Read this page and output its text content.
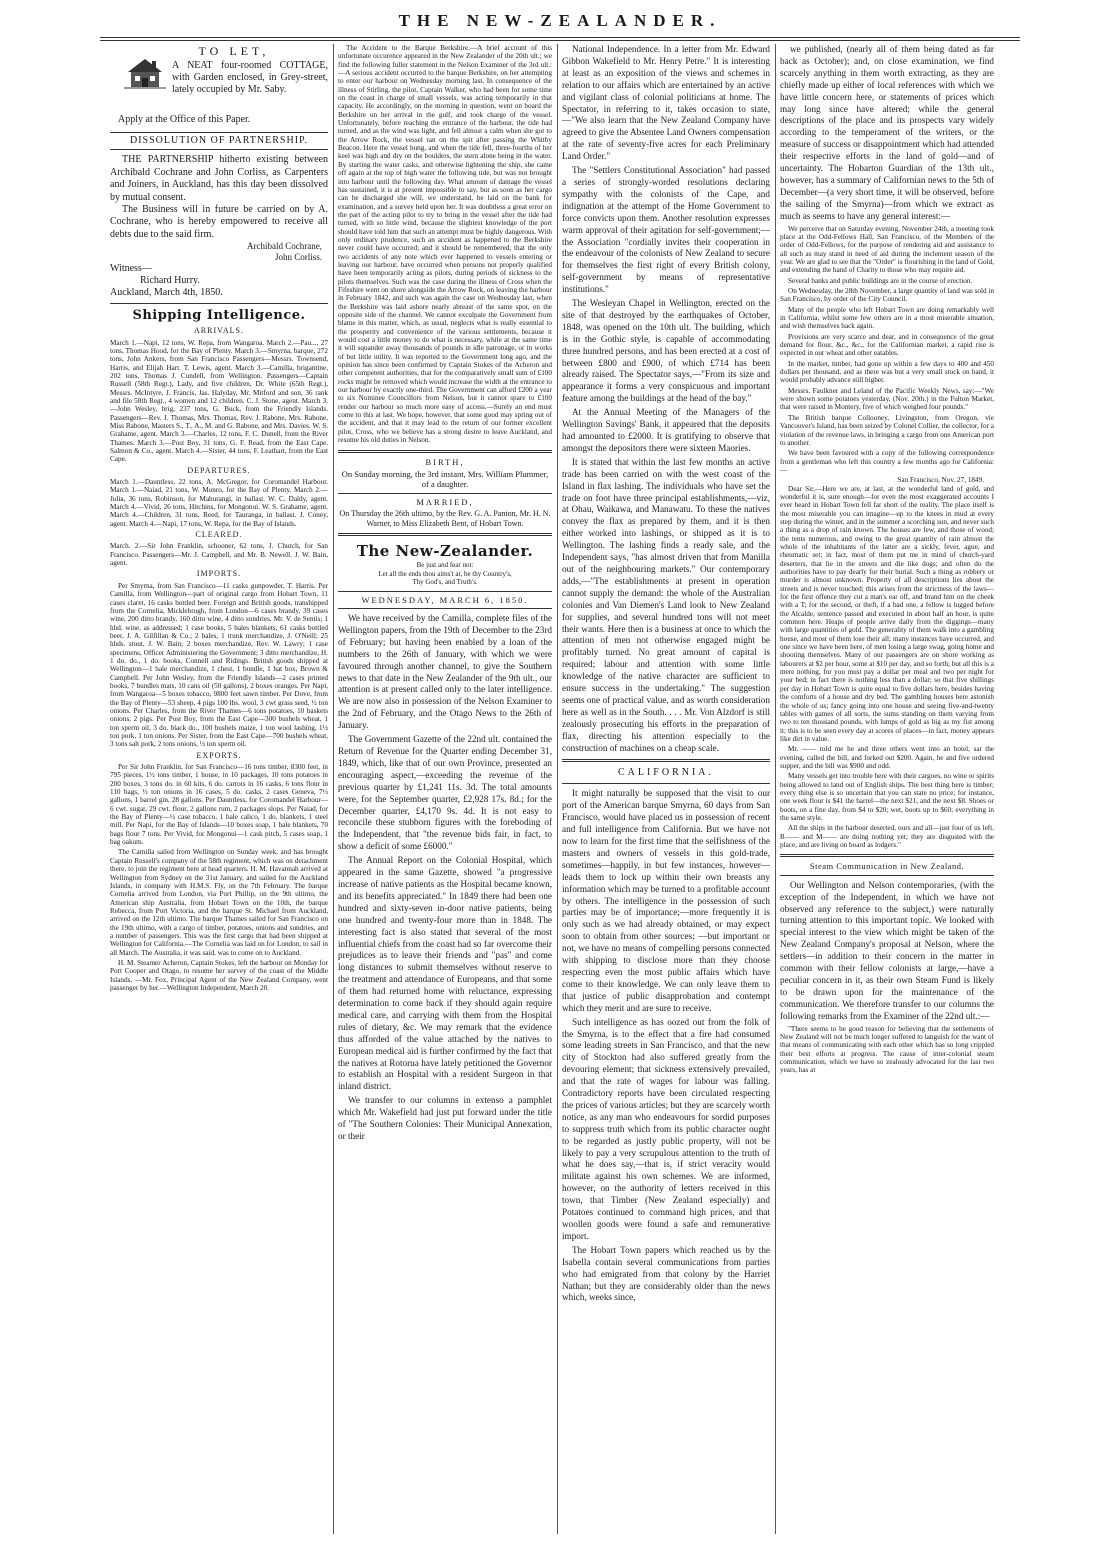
THE NEW-ZEALANDER.
TO LET,
A NEAT four-roomed COTTAGE, with Garden enclosed, in Grey-street, lately occupied by Mr. Saby.
Apply at the Office of this Paper.
DISSOLUTION OF PARTNERSHIP.

THE PARTNERSHIP hitherto existing between Archibald Cochrane and John Corliss, as Carpenters and Joiners, in Auckland, has this day been dissolved by mutual consent.

The Business will in future be carried on by A. Cochrane, who is hereby empowered to receive all debts due to the said firm.

Archibald Cochrane,
John Corliss.
Witness—
Richard Hurry.
Auckland, March 4th, 1850.
Shipping Intelligence.
ARRIVALS.

March 1.—Napi, 12 tons, W. Repa, from Wangaroa. March 2.—Pau..., 27 tons, Thomas Hood, for the Bay of Plenty. March 3.—Smyrna, barque, 272 tons, John Ankers, from San Francisco Passengers—Messrs. Townsend, Harris, and Elijah Hart. T. Lewis, agent. March 3.—Camilla, brigantine, 202 tons, Thomas J. Cundell, from Wellington. Passengers—Captain Russell (58th Regt.), Lady, and five children, Dr. White (65th Regt.), Messrs. McIntyre, J. Francis, Jas. Halyday, Mr. Mitford and son, 36 rank and file 58th Regt., 4 women and 12 children. C. J. Stone, agent. March 3.—John Wesley, brig, 237 tons, G. Buck, from the Friendly Islands. Passengers—Rev. J. Thomas, Mrs. Thomas, Rev. J. Rabone, Mrs. Rabone, Miss Rabone, Masters S., T., A., M. and G. Rabone, and Mrs. Davies. W. S. Grahame, agent. March 3.—Charles, 12 tons, F. C. Dunell, from the River Thames. March 3.—Post Boy, 31 tons, G. F. Read, from the East Cape. Salmon & Co., agent. March 4.—Sister, 44 tons, F. Leathart, from the East Cape.

DEPARTURES.

March 1.—Dauntless, 22 tons, A. McGregor, for Coromandel Harbour. March 1.—Naiad, 21 tons, W. Monro, for the Bay of Plenty. March 2.—Julia, 36 tons, Robinson, for Mahurangi, in ballast. W. C. Daldy, agent. March 4.—Vivid, 26 tons, Hitchins, for Mongonui. W. S. Grahame, agent. March 4.—Children, 31 tons, Reed, for Tauranga, in ballast. J. Coney, agent. March 4.—Napi, 17 tons, W. Repa, for the Bay of Islands.

CLEARED.

March. 2.—Sir John Franklin, schooner, 62 tons, J. Church, for San Francisco. Passengers—Mr. J. Campbell, and Mr. B. Newell. J. W. Bain, agent.

IMPORTS.

Per Smyrna, from San Francisco—11 casks gunpowder, T. Harris. Per Camilla, from Wellington—part of original cargo from Hobart Town, 11 cases claret, 16 casks bottled beer. Foreign and British goods, transhipped from the Cornelia, Micklebrugh, from London—6 cases brandy, 39 cases wine, 200 ditto brandy, 160 ditto wine, 4 ditto sundries, Mr. V. de Sentis; 1 hhd. wine, as addressed; 1 case books, 5 bales blankets, 61 casks bottled beer, J. A. Gilfillan & Co.; 2 bales, 1 trunk merchandize, J. O'Neill; 25 hhds. stout, J. W. Bain; 2 boxes merchandize, Rev. W. Lawry; 1 case specimens, Officer Administering the Government; 3 ditto merchandize, H. 1 do. do., 1 do. books, Connell and Ridings. British goods shipped at Wellington—1 bale merchandize, 1 chest, 1 bundle, 1 hat box, Brown & Campbell. Per John Wesley, from the Friendly Islands—2 cases printed books, 7 bundles mats, 10 cans oil (50 gallons), 2 boxes oranges. Per Napi, from Wangaroa—5 boxes tobacco, 9800 feet sawn timber. Per Dove, from the Bay of Plenty—53 sheep, 4 pigs 100 lbs. wool, 3 cwt grass seed, ½ ton onions. Per Charles, from the River Thames—6 tons potatoes, 10 baskets onions, 2 pigs. Per Post Boy, from the East Cape—300 bushels wheat, 1 ton sperm oil, 3 do. black do., 100 bushels maize, 1 ton wool lashing, 1½ ton pork, 1 ton onions. Per Sister, from the East Cape—700 bushels wheat, 3 tons salt pork, 2 tons onions, ½ ton sperm oil.

EXPORTS.

Per Sir John Franklin, for San Francisco—16 tons timber, 8300 feet, in 795 pieces, 1½ tons timber, 1 house, in 10 packages, 10 tons potatoes in 200 boxes, 3 tons do. in 60 kits, 6 do. carrots in 16 casks, 6 tons flour in 110 bags, ½ ton onions in 16 cases, 5 do. casks, 2 cases Geneva, 7½ gallons, 1 barrel gin, 28 gallons. Per Dauntless, for Coromandel Harbour—6 cwt. sugar, 29 cwt. flour, 2 gallons rum, 2 packages slops. Per Naiad, for the Bay of Plenty—½ case tobacco, 1 bale calico, 1 do. blankets, 1 steel mill. Per Napi, for the Bay of Islands—10 boxes soap, 1 bale blankets, 70 bags flour 7 tons. Per Vivid, for Mongonui—1 cask pitch, 5 cases soap, 1 bag oakum.

The Camilla sailed from Wellington on Sunday week, and has brought Captain Russell's company of the 58th regiment, which was on detachment there, to join the regiment here at head quarters. H. M. Havannah arrived at Wellington from Sydney on the 31st January, and sailed for the Auckland Islands, in company with H.M.S. Fly, on the 7th February. The barque Cornelia arrived from London, via Port Phillip, on the 9th ultimo, the American ship Australia, from Hobart Town on the 10th, the barque Rebecca, from Port Victoria, and the barque St. Michael from Auckland, arrived on the 12th ultimo. The barque Thames sailed for San Francisco on the 19th ultimo, with a cargo of timber, potatoes, onions and sundries, and a number of passengers. This was the first cargo that had been shipped at Wellington for California.—The Cornelia was laid on for London, to sail in all March. The Australia, it was said, was to come on to Auckland.

H. M. Steamer Acheron, Captain Stokes, left the harbour on Monday for Port Cooper and Otago, to resume her survey of the coast of the Middle Islands, —Mr. Fox, Principal Agent of the New Zealand Company, went passenger by her.—Wellington Independent, March 20.

The Accident to the Barque Berkshire.—A brief account of this unfortunate occurence appeared in the New Zealander of the 20th ult.; we find the following fuller statement in the Nelson Examiner of the 3rd ult.:—A serious accident occurred to the barque Berkshire, on her attempting to enter our harbour on Wednesday morning last. In consequence of the illness of Stirling, the pilot, Captain Walker, who had been for some time on the coast in charge of small vessels, was acting temporarily in that capacity. He accordingly, on the morning in question, went on board the Berkshire on her arrival in the gulf, and took charge of the vessel. Unfortunately, before reaching the entrance of the harbour, the tide had turned, and as the wind was light, and fell almost a calm when she got to the Arrow Rock, the vessel ran on the spit after passing the Whitby Beacon. Here the vessel hung, and when the tide fell, three-fourths of her keel was high and dry on the boulders, the stern alone being in the water. By starting the water casks, and otherwise lightening the ship, she came off again at the top of high water the following tide, but was not brought into harbour until the following day. What amount of damage the vessel has sustained, it is at present impossible to say, but as soon as her cargo can be discharged she will, we understand, be laid on the bank for examination, and a survey held upon her. It was doubtless a great error on the part of the acting pilot to try to bring in the vessel after the tide had turned, with so little wind, because the slightest knowledge of the port should have told him that such an attempt must be highly dangerous. With only ordinary prudence, such an accident as happened to the Berkshire never could have occurred; and it should be remembered, that the only two accidents of any note which ever happened to vessels entering or leaving our harbour, have occurred when persons not properly qualified have been temporarily acting as pilots, during periods of sickness to the pilots themselves. Such was the case during the illness of Cross when the Fifeshire went on shore alongside the Arrow Rock, on leaving the harbour in February 1842, and such was again the case on Wednesday last, when the Berkshire was laid ashore nearly abreast of the same spot, on the opposite side of the channel. We cannot exculpate the Government from blame in this matter, which, as usual, neglects what is really essential to the prosperity and convenience of the various settlements, because it would cost a little money to do what is necessary, while at the same time it will squander away thousands of pounds in idle patronage, or in works of but little utility. It was reported to the Government long ago, and the opinion has since been confirmed by Captain Stokes of the Acheron and other competent authorities, that for the comparatively small sum of £100 rocks might be removed which would increase the width at the entrance to our harbour by exactly one-third. The Government can afford £200 a year to six Nominee Councillors from Nelson, but it cannot spare to £100 render our harbour so much more easy of access.—Surely an end must come to this at last. We hope, however, that some good may spring out of the accident, and that it may lead to the return of our former excellent pilot, Cross, who we believe has a strong desire to leave Auckland, and resume his old duties in Nelson.

BIRTH,
On Sunday morning, the 3rd instant, Mrs. William Plummer, of a daughter.
MARRIED,
On Thursday the 26th ultimo, by the Rev. G. A. Panton, Mr. H. N. Warner, to Miss Elizabeth Bent, of Hobart Town.
The New-Zealander.
Be just and fear not:
Let all the ends thou aims't at, be thy Country's,
Thy God's, and Truth's.
WEDNESDAY, MARCH 6, 1850.

We have received by the Camilla, complete files of the Wellington papers, from the 19th of December to the 23rd of February; but having been enabled by a loan of the numbers to the 26th of January, with which we were favoured through another channel, to give the Southern news to that date in the New Zealander of the 9th ult., our attention is at present called only to the later intelligence. We are now also in possession of the Nelson Examiner to the 2nd of February, and the Otago News to the 26th of January.

The Government Gazette of the 22nd ult. contained the Return of Revenue for the Quarter ending December 31, 1849, which, like that of our own Province, presented an encouraging aspect,—exceeding the revenue of the previous quarter by £1,241 11s. 3d. The total amounts were, for the September quarter, £2,928 17s. 8d.; for the December quarter, £4,170 9s. 4d. It is not easy to reconcile these stubborn figures with the foreboding of the Independent, that "the revenue bids fair, in fact, to show a deficit of some £6000."

The Annual Report on the Colonial Hospital, which appeared in the same Gazette, showed "a progressive increase of native patients as the Hospital became known, and its benefits appreciated." In 1849 there had been one hundred and sixty-seven in-door native patients, being one hundred and twenty-four more than in 1848. The interesting fact is also stated that several of the most influential chiefs from the coast had so far overcome their prejudices as to leave their friends and "pas" and come long distances to submit themselves without reserve to the treatment and attendance of Europeans, and that some of them had returned home with reluctance, expressing determination to come back if they should again require medical care, and carrying with them from the Hospital rules of dietary, &c. We may remark that the evidence thus afforded of the value attached by the natives to European medical aid is further confirmed by the fact that the natives at Rotorua have lately petitioned the Governor to establish an Hospital with a resident Surgeon in that inland district.

We transfer to our columns in extenso a pamphlet which Mr. Wakefield had just put forward under the title of "The Southern Colonies: Their Municipal Annexation, or their

National Independence. In a letter from Mr. Edward Gibbon Wakefield to Mr. Henry Petre." It is interesting at least as an exposition of the views and schemes in relation to our affairs which are entertained by an active and vigilant class of colonial politicians at home. The Spectator, in referring to it, takes occasion to state,—"We also learn that the New Zealand Company have agreed to give the Absentee Land Owners compensation at the rate of seventy-five acres for each Preliminary Land Order."

The "Settlers Constitutional Association" had passed a series of strongly-worded resolutions declaring sympathy with the colonists of the Cape, and indignation at the attempt of the Home Government to force convicts upon them. Another resolution expresses warm approval of their agitation for self-government;—the Association "cordially invites their cooperation in the endeavour of the colonists of New Zealand to secure for themselves the first right of every British colony, self-government by means of representative institutions."

The Wesleyan Chapel in Wellington, erected on the site of that destroyed by the earthquakes of October, 1848, was opened on the 10th ult. The building, which is in the Gothic style, is capable of accommodating three hundred persons, and has been erected at a cost of between £800 and £900, of which £714 has been already raised. The Spectator says,—"From its size and appearance it forms a very conspicuous and important feature among the buildings at the head of the bay."

At the Annual Meeting of the Managers of the Wellington Savings' Bank, it appeared that the deposits had amounted to £2000. It is gratifying to observe that amongst the depositors there were sixteen Maories.

It is stated that within the last few months an active trade has been carried on with the west coast of the Island in flax lashing. The individuals who have set the trade on foot have three principal establishments,—viz, at Ohau, Waikawa, and Manawatu. To these the natives convey the flax as prepared by them, and it is then either worked into lashings, or shipped as it is to Wellington. The lashing finds a ready sale, and the Independent says, "has almost driven that from Manilla out of the neighbouring markets." Our contemporary adds,—"The establishments at present in operation cannot supply the demand: the whole of the Australian colonies and Van Diemen's Land look to New Zealand for supplies, and several hundred tons will not meet their wants. Here then is a business at once to which the attention of men not otherwise engaged might be profitably turned. No great amount of capital is required; labour and attention with some little knowledge of the native character are sufficient to ensure success in the undertaking." The suggestion seems one of practical value, and as worth consideration here as well as in the South. . . . Mr. Von Alzdorf is still zealously prosecuting his efforts in the preparation of flax, directing his attention especially to the construction of machines on a cheap scale.

CALIFORNIA.

It might naturally be supposed that the visit to our port of the American barque Smyrna, 60 days from San Francisco, would have placed us in possession of recent and full intelligence from California. But we have not now to learn for the first time that the selfishness of the masters and owners of vessels in this gold-trade, sometimes—happily, in but few instances, however—leads them to lock up within their own breasts any information which may be turned to a profitable account by others. The intelligence in the possession of such parties may be of importance;—more frequently it is only such as we had already obtained, or may expect soon to obtain from other sources; —but important or not, we have no means of compelling persons connected with shipping to disclose more than they choose respecting even the most public affairs which have come to their knowledge. We can only leave them to that justice of public disapprobation and contempt which they merit and are sure to receive.

Such intelligence as has oozed out from the folk of the Smyrna, is to the effect that a fire had consumed some leading streets in San Francisco, and that the new city of Stockton had also suffered greatly from the devouring element; that sickness extensively prevailed, and that the rate of wages for labour was falling. Contradictory reports have been circulated respecting the prices of various articles; but they are scarcely worth notice, as any man who endeavours for sordid purposes to suppress truth which from its public character ought to be regarded as justly public property, will not be likely to pay a very scrupulous attention to the truth of what he does say,—that is, if strict veracity would militate against his own schemes. We are informed, however, on the authority of letters received in this town, that Timber (New Zealand especially) and Potatoes continued to command high prices, and that woollen goods were found a safe and remunerative import.

The Hobart Town papers which reached us by the Isabella contain several communications from parties who had emigrated from that colony by the Harriet Nathan; but they are considerably older than the news which, weeks since,

we published, (nearly all of them being dated as far back as October); and, on close examination, we find scarcely anything in them worth extracting, as they are chiefly made up either of local references with which we have little concern here, or statements of prices which may long since have altered; while the general descriptions of the place and its prospects vary widely according to the temperament of the writers, or the measure of success or disappointment which had attended their respective efforts in the land of gold—and of uncertainty. The Hobarton Guardian of the 13th ult., however, has a summary of Californian news to the 5th of December—(a very short time, it will be observed, before the sailing of the Smyrna)—from which we extract as much as seems to have any general interest:—

We perceive that on Saturday evening, November 24th, a meeting took place at the Odd-Fellows Hall, San Francisco, of the Members of the order of Odd-Fellows, for the purpose of rendering aid and assistance to all such as may stand in need of aid during the inclement season of the year. We are glad to see that the "Order" is flourishing in the land of Gold, and extending the hand of Charity to those who may require aid.

Several banks and public buildings are in the course of erection.

On Wednesday, the 28th November, a large quantity of land was sold in San Francisco, by order of the City Council.

Many of the people who left Hobart Town are doing remarkably well in California, whilst some few others are in a most miserable situation, and wish themselves back again.

Provisions are very scarce and dear, and in consequence of the great demand for flour, &c., &c., for the Californian market, a rapid rise is expected in our wheat and other eatables.

In the market, timber, had gone up within a few days to 400 and 450 dollars per thousand, and as there was but a very small stock on hand, it would probably advance still higher.

Messrs. Faulkner and Leland of the Pacific Weekly News, say:—"We were shown some potatoes yesterday, (Nov. 20th.) in the Fulton Market, that were raised in Montery, five of which weighed four pounds."

The British barque Collooney, Livingston, from Oregon, vie Vancouver's Island, has been seized by Colonel Collier, the collector, for a violation of the revenue laws, in bringing a cargo from one American port to another.

We have been favoured with a copy of the following correspondence from a gentleman who left this country a few months ago for California:—

San Francisco, Nov. 27, 1849.

Dear Sir,—Here we are, at last, at the wonderful land of gold, and wonderful it is, sure enough—for even the most exaggerated accounts I ever heard in Hobart Town fell far short of the reality. The place itself is the most miserable you can imagine—up to the knees in mud at every step during the winter, and in the summer a scorching sun, and never such a thing as a drop of rain known. The houses are few, and those of wood; the tents numerous, and owing to the great quantity of rain almost the whole of the inhabitants of the latter are a sickly, fever, ague, and rheumatic set; in fact, most of them put me in mind of church-yard deserters, that lie in the streets and die like dogs; and often do the authorities have to pay dearly for their burial. Such a thing as robbery or murder is almost unknown. Property of all descriptions lies about the streets and is never touched; this arises from the strictness of the laws—for the first offence they cut a man's ear off, and brand him on the cheek with a T; for the second, or theft, if a bad one, a fellow is lugged before the Alcalde, sentence passed and executed in about half an hour, is quite common here. Heaps of people arrive daily from the diggings—many with large quantities of gold. The generality of them walk into a gambling house, and most of them lose their all; many instances have occurred, and one since we have been here, of men losing a large swag, going home and shooting themselves. Many of our passengers are on shore working as labourers at $2 per hour, some at $10 per day, and so forth; but all this is a mere nothing, for you must pay a dollar per meal and two per night for your bed; in fact there is nothing less than a dollar; so that five shillings per day in Hobart Town is quite equal to five dollars here, besides having the comforts of a house and dry bed. The gambling houses here astonish the whole of us; fancy going into one house and seeing five-and-twenty tables with games of all sorts, the sums standing on them varying from two to ten thousand pounds, with lumps of gold as big as my fist among it; this is to be seen every day at scores of places—in fact, money appears like dirt in value.

Mr. —— told me he and three others went into an hotel, sat the evening, called the bill, and forked out $200. Again, he and five ordered supper, and the bill was $900 and odd.

Many vessels get into trouble here with their cargoes, no wine or spirits being allowed to land out of English ships. The best thing here is timber; every thing else is so uncertain that you can state no price; for instance, one week flour is $41 the barrel—the next $21, and the next $8. Shoes or boots, on a fine day, from $4 to $20; wet, boots up to $60; everything in the same style.

All the ships in the harbour deserted, ours and all—just four of us left. R—— and M—— are doing nothing yet; they are disgusted with the place, and are living on board as lodgers."

Steam Communication in New Zealand.

Our Wellington and Nelson contemporaries, (with the exception of the Independent, in which we have not observed any reference to the subject,) were naturally turning attention to this important topic. We looked with special interest to the view which might be taken of the New Zealand Company's proposal at Nelson, where the settlers—in addition to their concern in the matter in common with their fellow colonists at large,—have a peculiar concern in it, as their own Steam Fund is likely to be drawn upon for the maintenance of the communication. We therefore transfer to our columns the following remarks from the Examiner of the 22nd ult.:—

"There seems to be good reason for believing that the settlements of New Zealand will not be much longer suffered to languish for the want of that means of communicating with each other which has so long crippled their best efforts at progress. The cause of inter-colonial steam communication, which we have so zealously advocated for the last two years, has at
